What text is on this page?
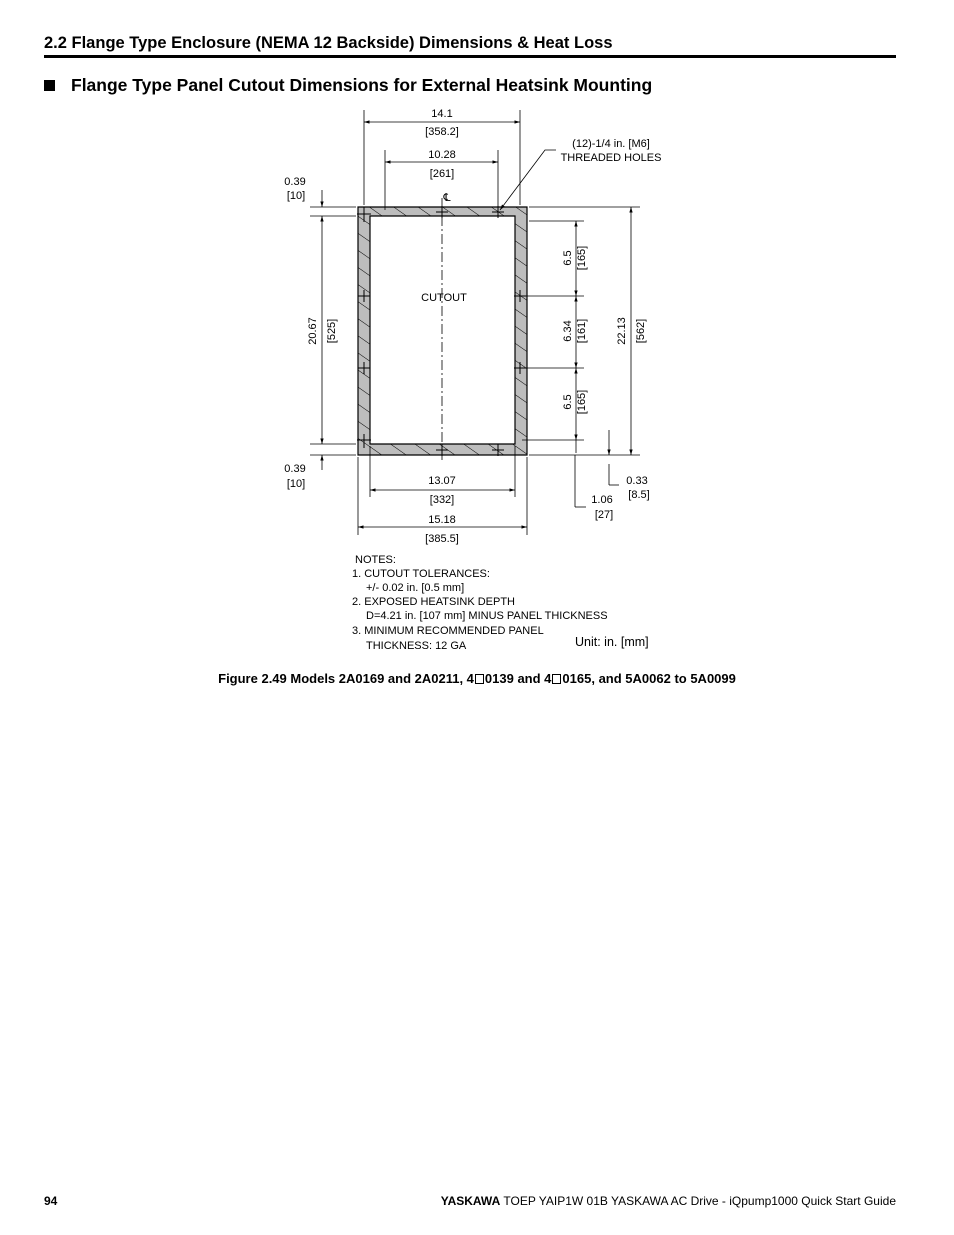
2.2 Flange Type Enclosure (NEMA 12 Backside) Dimensions & Heat Loss
Flange Type Panel Cutout Dimensions for External Heatsink Mounting
14.1
[358.2]
10.28
[261]
(12)-1/4 in. [M6]
THREADED HOLES
℄
0.39
[10]
CUTOUT
20.67 [525]
6.5 [165]
6.34 [161]
6.5 [165]
22.13 [562]
0.39
[10]	13.07
[332]
15.18
[385.5]
0.33
[8.5]
1.06
[27]
NOTES:
1. CUTOUT TOLERANCES:
+/- 0.02 in. [0.5 mm]
2. EXPOSED HEATSINK DEPTH
D=4.21 in. [107 mm] MINUS PANEL THICKNESS
3. MINIMUM RECOMMENDED PANEL
THICKNESS: 12 GA	Unit: in. [mm]
Figure 2.49 Models 2A0169 and 2A0211, 4 0139 and 4 0165, and 5A0062 to 5A0099
94	YASKAWA TOEP YAIP1W 01B YASKAWA AC Drive - iQpump1000 Quick Start Guide
